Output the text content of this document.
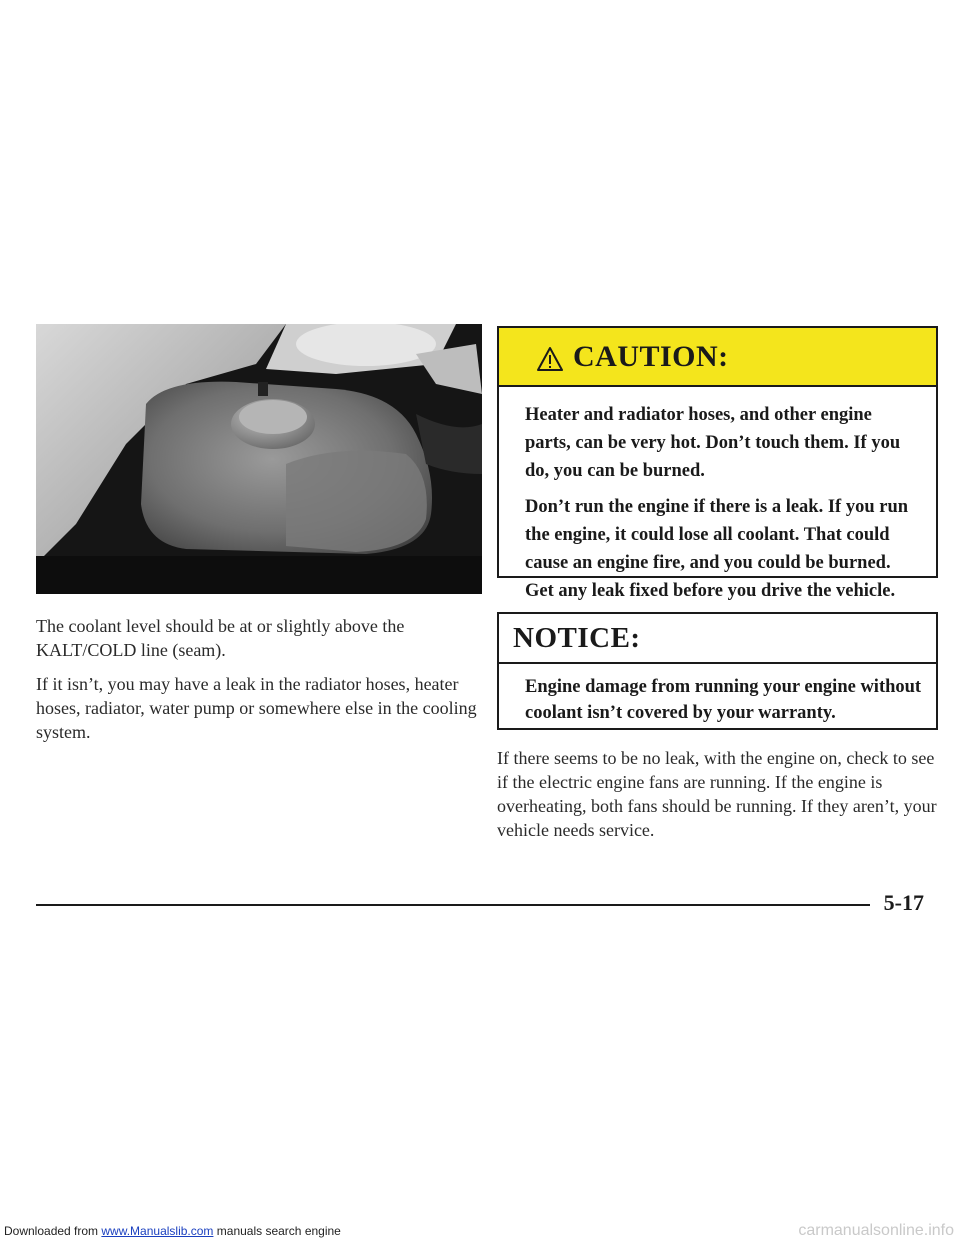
CAUTION:

Heater and radiator hoses, and other engine parts, can be very hot. Don’t touch them. If you do, you can be burned.

Don’t run the engine if there is a leak. If you run the engine, it could lose all coolant. That could cause an engine fire, and you could be burned. Get any leak fixed before you drive the vehicle.

NOTICE:
Engine damage from running your engine without coolant isn’t covered by your warranty.

The coolant level should be at or slightly above the KALT/COLD line (seam).

If it isn’t, you may have a leak in the radiator hoses, heater hoses, radiator, water pump or somewhere else in the cooling system.

If there seems to be no leak, with the engine on, check to see if the electric engine fans are running. If the engine is overheating, both fans should be running. If they aren’t, your vehicle needs service.

5-17
Downloaded from www.Manualslib.com manuals search engine	carmanualsonline.info
